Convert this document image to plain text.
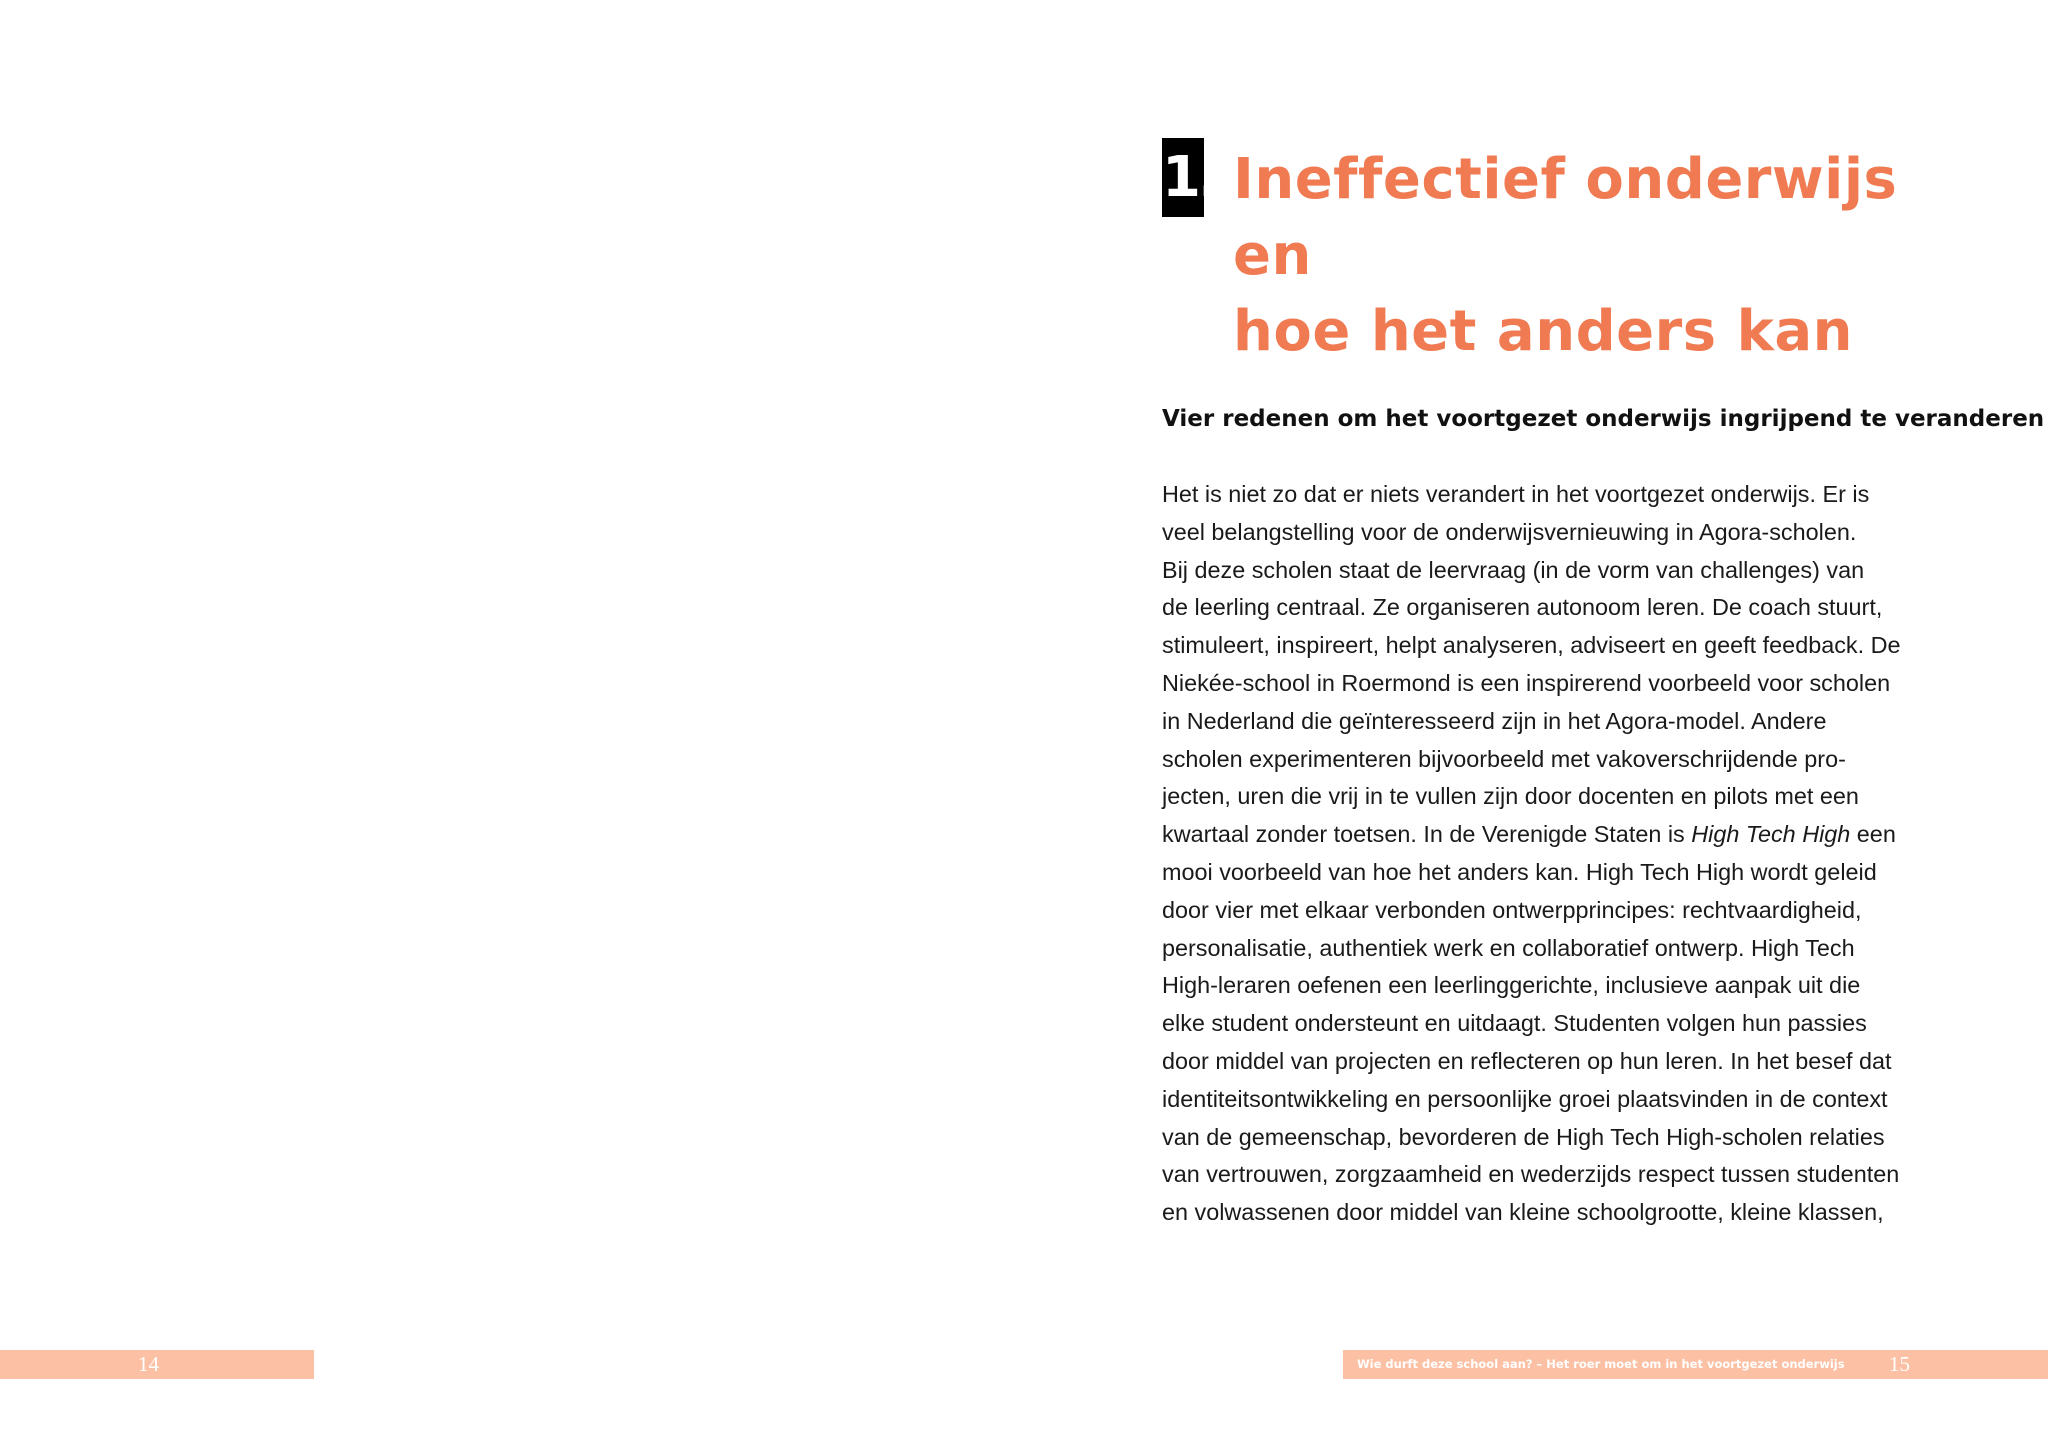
1. Ineffectief onderwijs en
hoe het anders kan
Vier redenen om het voortgezet onderwijs ingrijpend te veranderen

Het is niet zo dat er niets verandert in het voortgezet onderwijs. Er is
veel belangstelling voor de onderwijsvernieuwing in Agora-scholen.
Bij deze scholen staat de leervraag (in de vorm van challenges) van
de leerling centraal. Ze organiseren autonoom leren. De coach stuurt,
stimuleert, inspireert, helpt analyseren, adviseert en geeft feedback. De
Niekée-school in Roermond is een inspirerend voorbeeld voor scholen
in Nederland die geïnteresseerd zijn in het Agora-model. Andere
scholen experimenteren bijvoorbeeld met vakoverschrijdende pro-
jecten, uren die vrij in te vullen zijn door docenten en pilots met een
kwartaal zonder toetsen. In de Verenigde Staten is High Tech High een
mooi voorbeeld van hoe het anders kan. High Tech High wordt geleid
door vier met elkaar verbonden ontwerpprincipes: rechtvaardigheid,
personalisatie, authentiek werk en collaboratief ontwerp. High Tech
High-leraren oefenen een leerlinggerichte, inclusieve aanpak uit die
elke student ondersteunt en uitdaagt. Studenten volgen hun passies
door middel van projecten en reflecteren op hun leren. In het besef dat
identiteitsontwikkeling en persoonlijke groei plaatsvinden in de context
van de gemeenschap, bevorderen de High Tech High-scholen relaties
van vertrouwen, zorgzaamheid en wederzijds respect tussen studenten
en volwassenen door middel van kleine schoolgrootte, kleine klassen,

14	Wie durft deze school aan? – Het roer moet om in het voortgezet onderwijs 15
